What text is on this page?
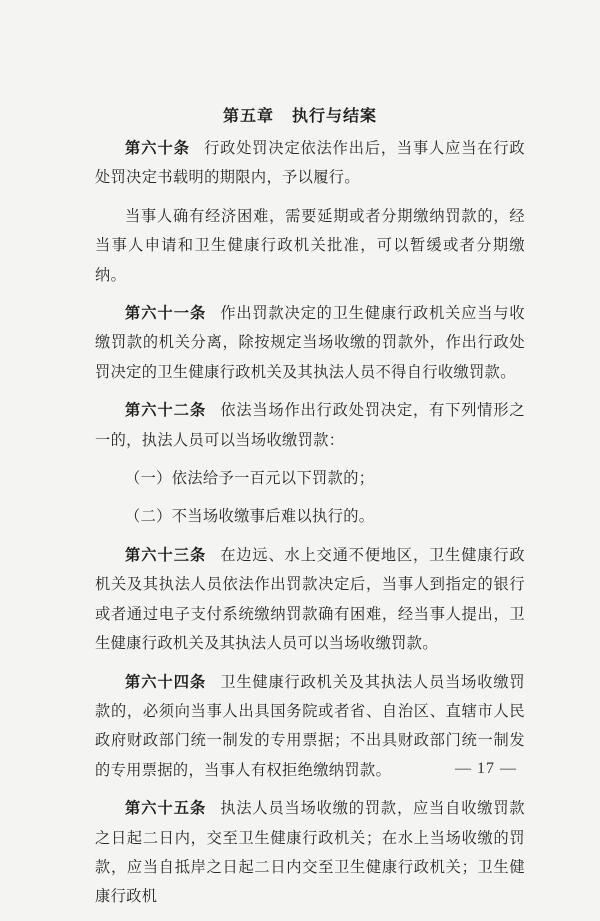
第五章 执行与结案

第六十条 行政处罚决定依法作出后，当事人应当在行政处罚决定书载明的期限内，予以履行。

当事人确有经济困难，需要延期或者分期缴纳罚款的，经当事人申请和卫生健康行政机关批准，可以暂缓或者分期缴纳。

第六十一条 作出罚款决定的卫生健康行政机关应当与收缴罚款的机关分离，除按规定当场收缴的罚款外，作出行政处罚决定的卫生健康行政机关及其执法人员不得自行收缴罚款。

第六十二条 依法当场作出行政处罚决定，有下列情形之一的，执法人员可以当场收缴罚款：

（一）依法给予一百元以下罚款的；

（二）不当场收缴事后难以执行的。

第六十三条 在边远、水上交通不便地区，卫生健康行政机关及其执法人员依法作出罚款决定后，当事人到指定的银行或者通过电子支付系统缴纳罚款确有困难，经当事人提出，卫生健康行政机关及其执法人员可以当场收缴罚款。

第六十四条 卫生健康行政机关及其执法人员当场收缴罚款的，必须向当事人出具国务院或者省、自治区、直辖市人民政府财政部门统一制发的专用票据；不出具财政部门统一制发的专用票据的，当事人有权拒绝缴纳罚款。

第六十五条 执法人员当场收缴的罚款，应当自收缴罚款之日起二日内，交至卫生健康行政机关；在水上当场收缴的罚款，应当自抵岸之日起二日内交至卫生健康行政机关；卫生健康行政机

— 17 —
